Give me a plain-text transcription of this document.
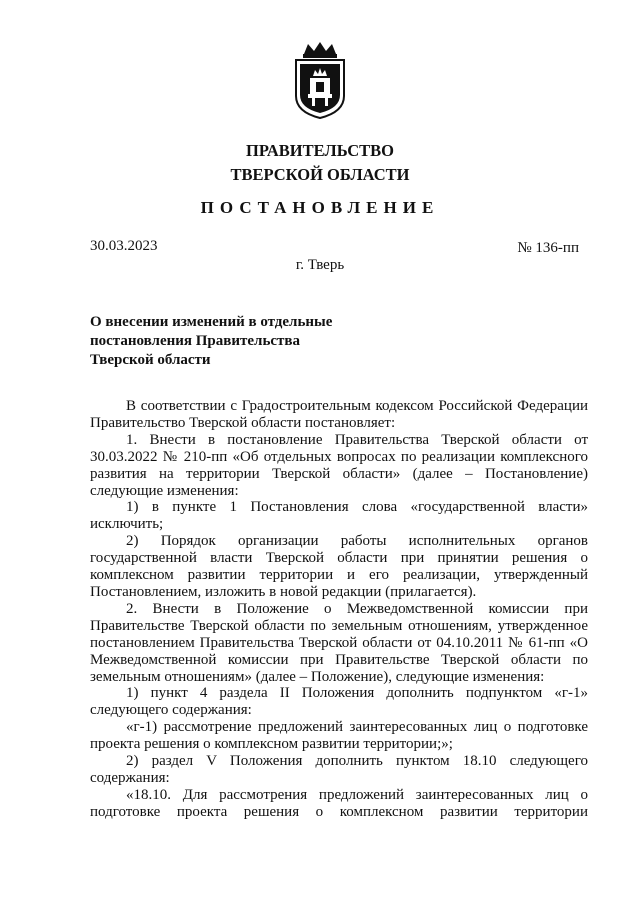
ПРАВИТЕЛЬСТВО
ТВЕРСКОЙ ОБЛАСТИ
ПОСТАНОВЛЕНИЕ
30.03.2023	№ 136-пп
г. Тверь
О внесении изменений в отдельные
постановления Правительства
Тверской области

В соответствии с Градостроительным кодексом Российской Федерации Правительство Тверской области постановляет:

1. Внести в постановление Правительства Тверской области от 30.03.2022 № 210-пп «Об отдельных вопросах по реализации комплексного развития на территории Тверской области» (далее – Постановление) следующие изменения:

1) в пункте 1 Постановления слова «государственной власти» исключить;

2) Порядок организации работы исполнительных органов государственной власти Тверской области при принятии решения о комплексном развитии территории и его реализации, утвержденный Постановлением, изложить в новой редакции (прилагается).

2. Внести в Положение о Межведомственной комиссии при Правительстве Тверской области по земельным отношениям, утвержденное постановлением Правительства Тверской области от 04.10.2011 № 61-пп «О Межведомственной комиссии при Правительстве Тверской области по земельным отношениям» (далее – Положение), следующие изменения:

1) пункт 4 раздела II Положения дополнить подпунктом «г-1» следующего содержания:

«г-1) рассмотрение предложений заинтересованных лиц о подготовке проекта решения о комплексном развитии территории;»;

2) раздел V Положения дополнить пунктом 18.10 следующего содержания:

«18.10. Для рассмотрения предложений заинтересованных лиц о подготовке проекта решения о комплексном развитии территории
